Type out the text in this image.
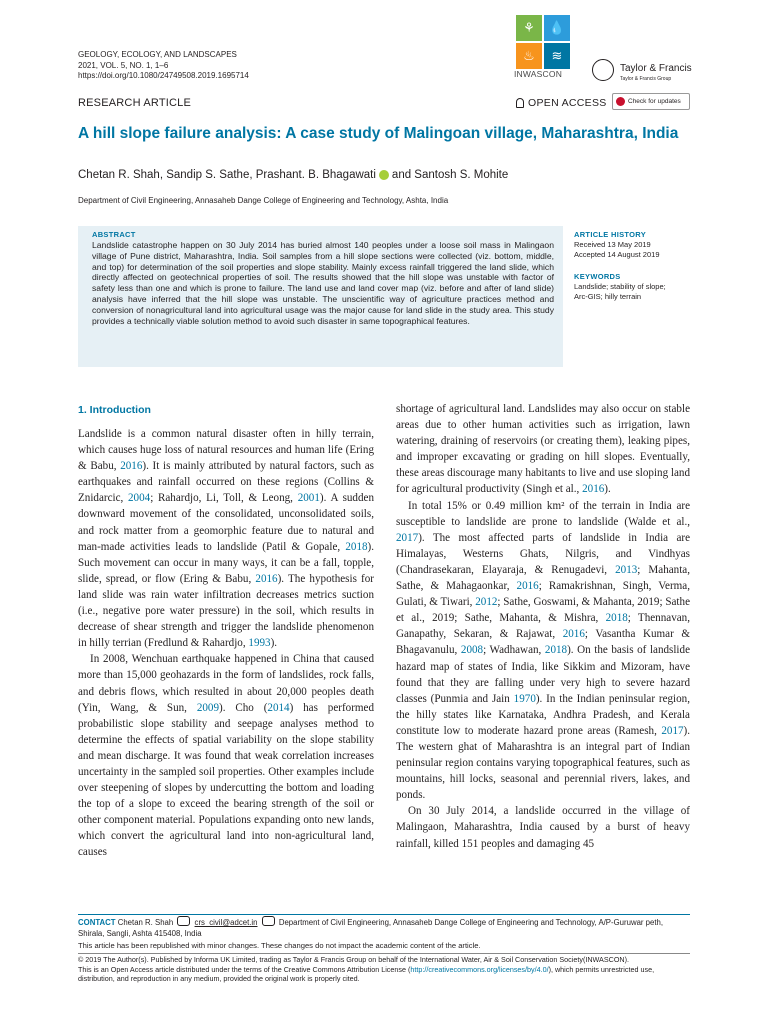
GEOLOGY, ECOLOGY, AND LANDSCAPES
2021, VOL. 5, NO. 1, 1–6
https://doi.org/10.1080/24749508.2019.1695714
⚘	💧
♨	≋
INWASCON	Taylor & Francis
Taylor & Francis Group
RESEARCH ARTICLE	OPEN ACCESS	Check for updates
A hill slope failure analysis: A case study of Malingoan village, Maharashtra, India
Chetan R. Shah, Sandip S. Sathe, Prashant. B. Bhagawati and Santosh S. Mohite
Department of Civil Engineering, Annasaheb Dange College of Engineering and Technology, Ashta, India
ABSTRACT
Landslide catastrophe happen on 30 July 2014 has buried almost 140 peoples under a loose soil mass in Malingaon village of Pune district, Maharashtra, India. Soil samples from a hill slope sections were collected (viz. bottom, middle, and top) for determination of the soil properties and slope stability. Mainly excess rainfall triggered the land slide, which directly affected on geotechnical properties of soil. The results showed that the hill slope was unstable with factor of safety less than one and which is prone to failure. The land use and land cover map (viz. before and after of land slide) analysis have inferred that the hill slope was unstable. The unscientific way of agriculture practices method and conversion of nonagricultural land into agricultural usage was the major cause for land slide in the study area. This study provides a technically viable solution method to avoid such disaster in same topographical features.
ARTICLE HISTORY
Received 13 May 2019
Accepted 14 August 2019
KEYWORDS
Landslide; stability of slope;
Arc-GIS; hilly terrain
1. Introduction

Landslide is a common natural disaster often in hilly terrain, which causes huge loss of natural resources and human life (Ering & Babu, 2016). It is mainly attributed by natural factors, such as earthquakes and rainfall occurred on these regions (Collins & Znidarcic, 2004; Rahardjo, Li, Toll, & Leong, 2001). A sudden downward movement of the consolidated, unconsolidated soils, and rock matter from a geomorphic feature due to natural and man-made activities leads to landslide (Patil & Gopale, 2018). Such movement can occur in many ways, it can be a fall, topple, slide, spread, or flow (Ering & Babu, 2016). The hypothesis for land slide was rain water infiltration decreases metrics suction (i.e., negative pore water pressure) in the soil, which results in decrease of shear strength and trigger the landslide phenomenon in hilly terrian (Fredlund & Rahardjo, 1993).

In 2008, Wenchuan earthquake happened in China that caused more than 15,000 geohazards in the form of landslides, rock falls, and debris flows, which resulted in about 20,000 peoples death (Yin, Wang, & Sun, 2009). Cho (2014) has performed probabilistic slope stability and seepage analyses method to determine the effects of spatial variability on the slope stability and mean discharge. It was found that weak correlation increases uncertainty in the sampled soil properties. Other examples include over steepening of slopes by undercutting the bottom and loading the top of a slope to exceed the bearing strength of the soil or other component material. Populations expanding onto new lands, which convert the agricultural land into non-agricultural land, causes

shortage of agricultural land. Landslides may also occur on stable areas due to other human activities such as irrigation, lawn watering, draining of reservoirs (or creating them), leaking pipes, and improper excavating or grading on hill slopes. Eventually, these areas discourage many habitants to live and use sloping land for agricultural productivity (Singh et al., 2016).

In total 15% or 0.49 million km² of the terrain in India are susceptible to landslide are prone to landslide (Walde et al., 2017). The most affected parts of landslide in India are Himalayas, Westerns Ghats, Nilgris, and Vindhyas (Chandrasekaran, Elayaraja, & Renugadevi, 2013; Mahanta, Sathe, & Mahagaonkar, 2016; Ramakrishnan, Singh, Verma, Gulati, & Tiwari, 2012; Sathe, Goswami, & Mahanta, 2019; Sathe et al., 2019; Sathe, Mahanta, & Mishra, 2018; Thennavan, Ganapathy, Sekaran, & Rajawat, 2016; Vasantha Kumar & Bhagavanulu, 2008; Wadhawan, 2018). On the basis of landslide hazard map of states of India, like Sikkim and Mizoram, have found that they are falling under very high to severe hazard classes (Punmia and Jain 1970). In the Indian peninsular region, the hilly states like Karnataka, Andhra Pradesh, and Kerala constitute low to moderate hazard prone areas (Ramesh, 2017). The western ghat of Maharashtra is an integral part of Indian peninsular region contains varying topographical features, such as mountains, hill locks, seasonal and perennial rivers, lakes, and ponds.

On 30 July 2014, a landslide occurred in the village of Malingaon, Maharashtra, India caused by a burst of heavy rainfall, killed 151 peoples and damaging 45

CONTACT Chetan R. Shah	crs_civil@adcet.in	Department of Civil Engineering, Annasaheb Dange College of Engineering and Technology, A/P-Guruwar peth, Shirala, Sangli, Ashta 415408, India
This article has been republished with minor changes. These changes do not impact the academic content of the article.
© 2019 The Author(s). Published by Informa UK Limited, trading as Taylor & Francis Group on behalf of the International Water, Air & Soil Conservation Society(INWASCON).
This is an Open Access article distributed under the terms of the Creative Commons Attribution License (http://creativecommons.org/licenses/by/4.0/), which permits unrestricted use, distribution, and reproduction in any medium, provided the original work is properly cited.
